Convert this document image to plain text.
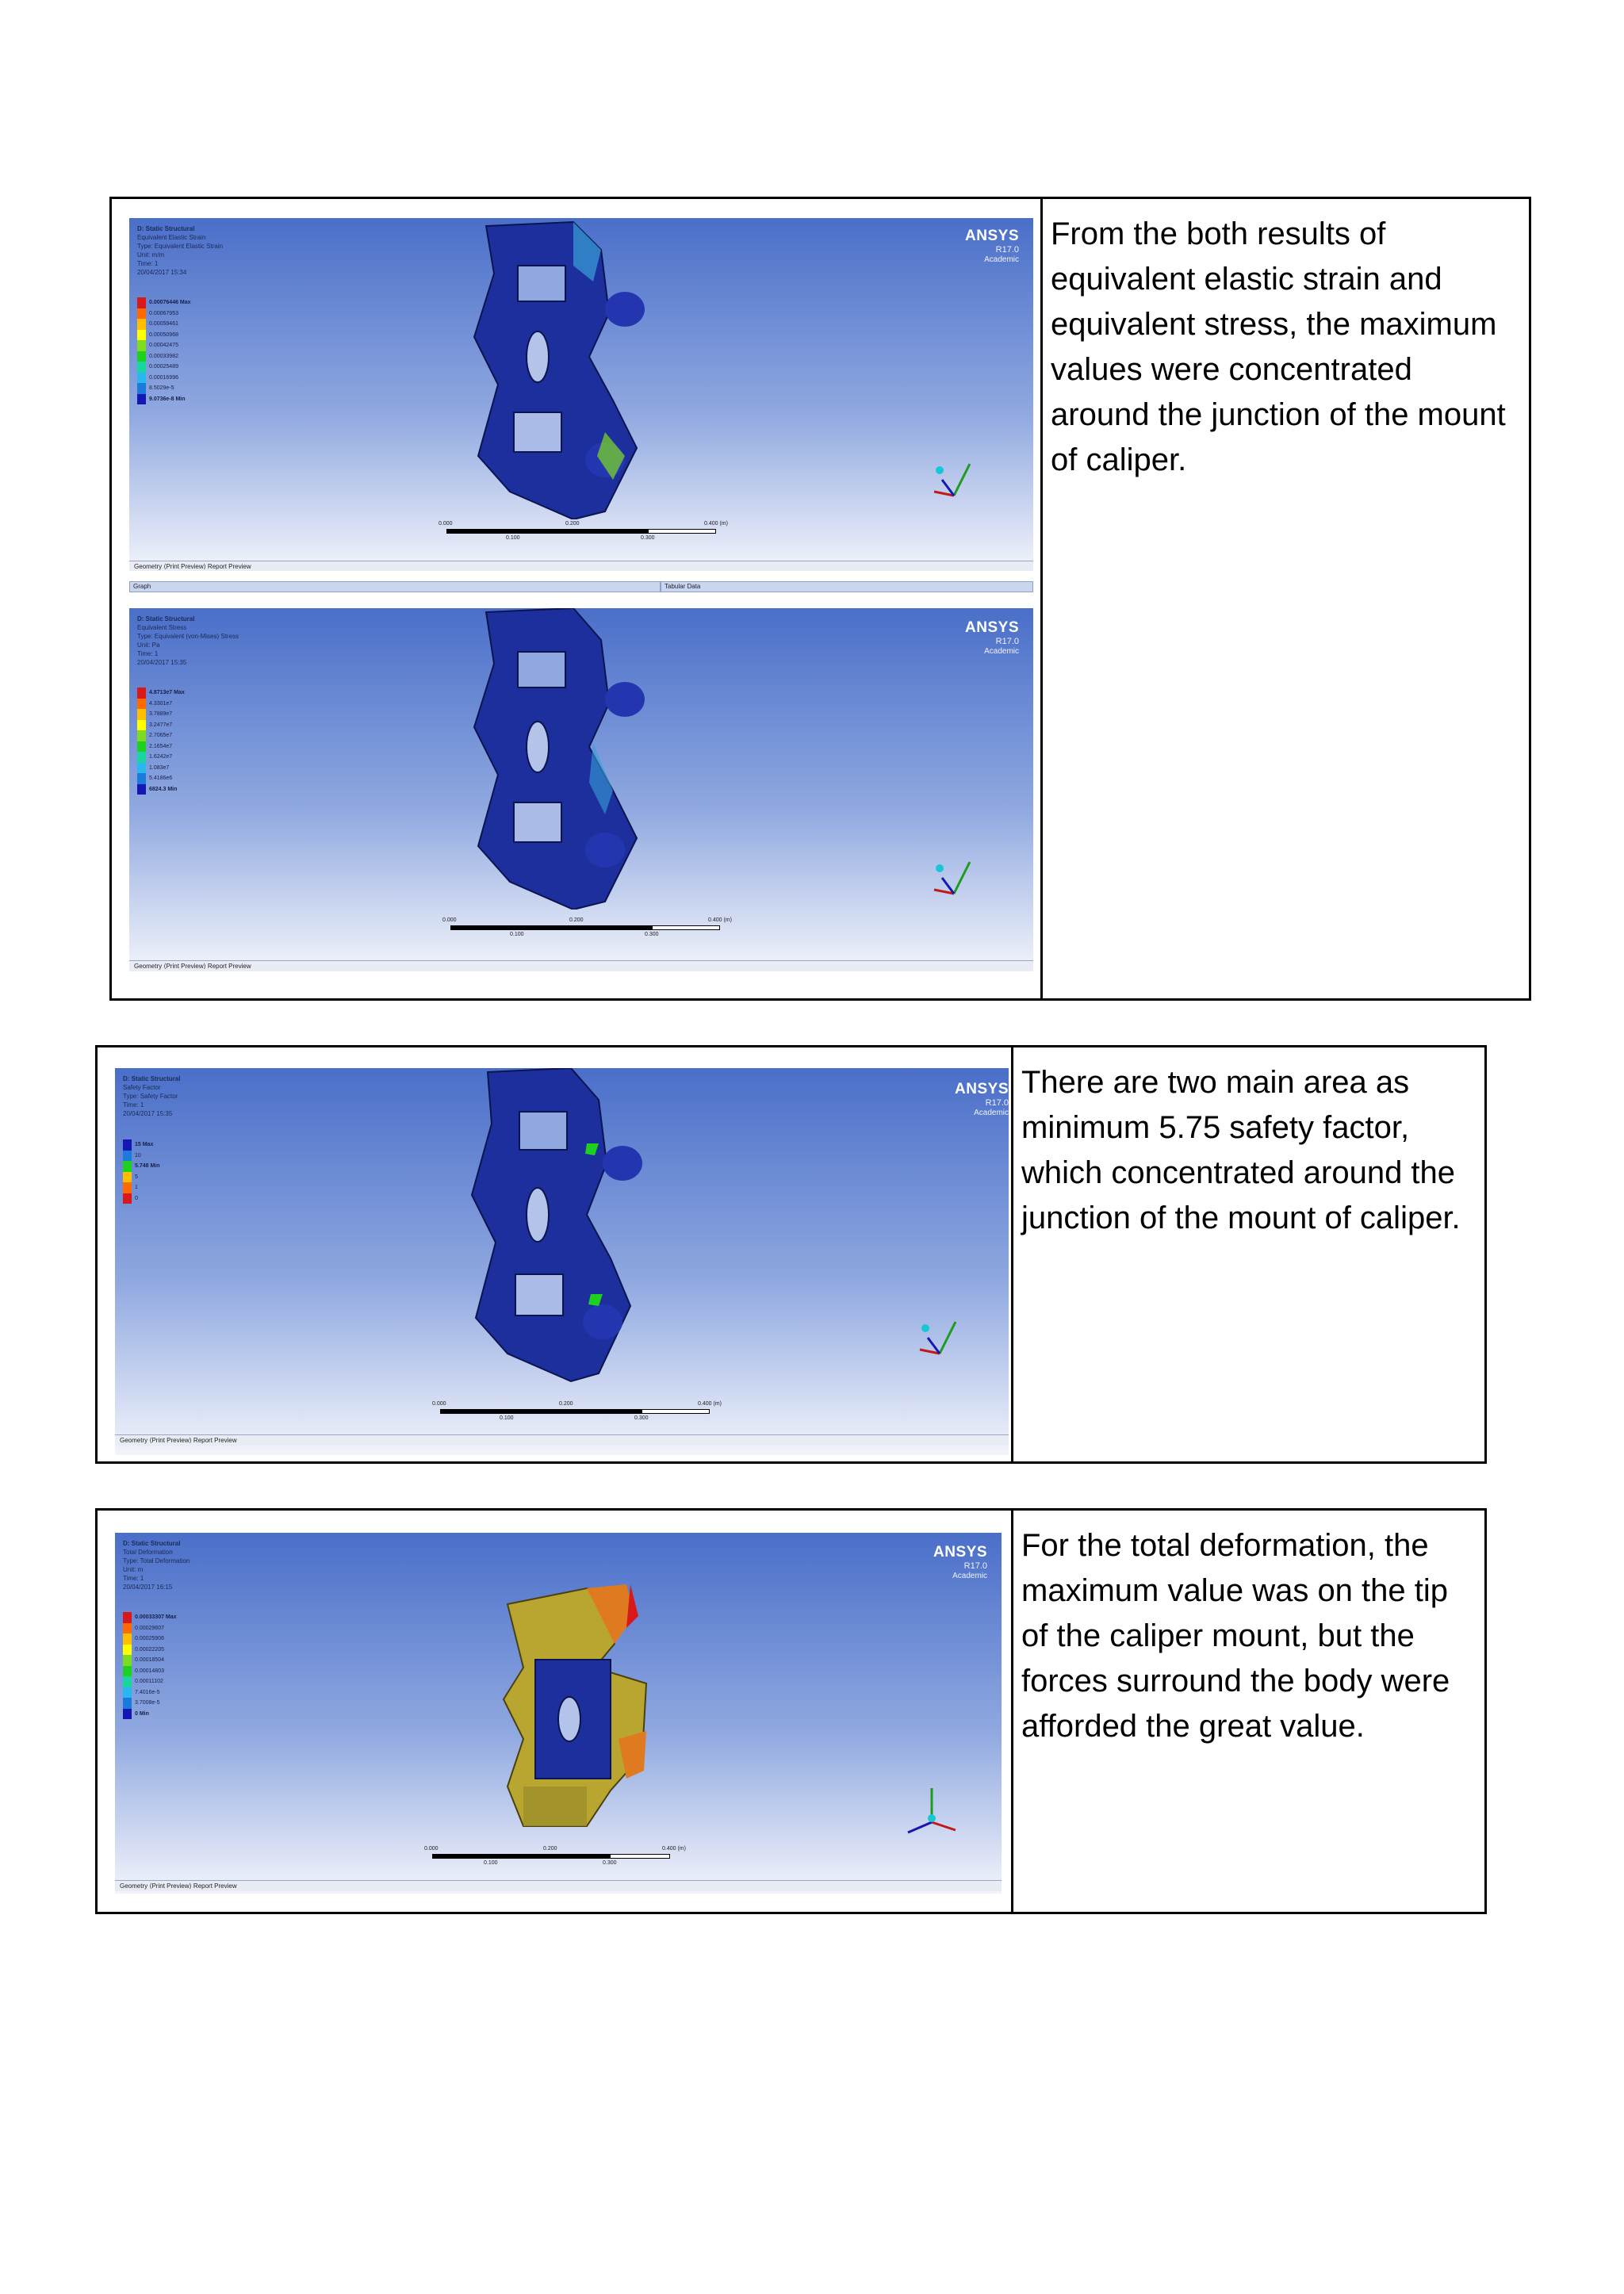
D: Static Structural
Equivalent Elastic Strain
Type: Equivalent Elastic Strain
Unit: m/m
Time: 1
20/04/2017 15:34
0.00076446 Max
0.00067953
0.00059461
0.00050968
0.00042475
0.00033982
0.00025489
0.00016996
8.5029e-5
9.0736e-8 Min
ANSYS
R17.0
Academic
0.000	0.200	0.400 (m)
0.100	0.300
Geometry ⟨Print Preview⟩ Report Preview
Graph	Tabular Data
D: Static Structural
Equivalent Stress
Type: Equivalent (von-Mises) Stress
Unit: Pa
Time: 1
20/04/2017 15:35
4.8713e7 Max
4.3301e7
3.7889e7
3.2477e7
2.7065e7
2.1654e7
1.6242e7
1.083e7
5.4186e6
6824.3 Min
ANSYS
R17.0
Academic
0.000	0.200	0.400 (m)
0.100	0.300
Geometry ⟨Print Preview⟩ Report Preview
From the both results of equivalent elastic strain and equivalent stress, the maximum values were concentrated around the junction of the mount of caliper.
D: Static Structural
Safety Factor
Type: Safety Factor
Time: 1
20/04/2017 15:35
15 Max
10
5.748 Min
5
1
0
ANSYS
R17.0
Academic
0.000	0.200	0.400 (m)
0.100	0.300
Geometry ⟨Print Preview⟩ Report Preview
There are two main area as minimum 5.75 safety factor, which concentrated around the junction of the mount of caliper.
D: Static Structural
Total Deformation
Type: Total Deformation
Unit: m
Time: 1
20/04/2017 16:15
0.00033307 Max
0.00029607
0.00025906
0.00022205
0.00018504
0.00014803
0.00011102
7.4016e-5
3.7008e-5
0 Min
ANSYS
R17.0
Academic
0.000	0.200	0.400 (m)
0.100	0.300
Geometry ⟨Print Preview⟩ Report Preview
For the total deformation, the maximum value was on the tip of the caliper mount, but the forces surround the body were afforded the great value.
